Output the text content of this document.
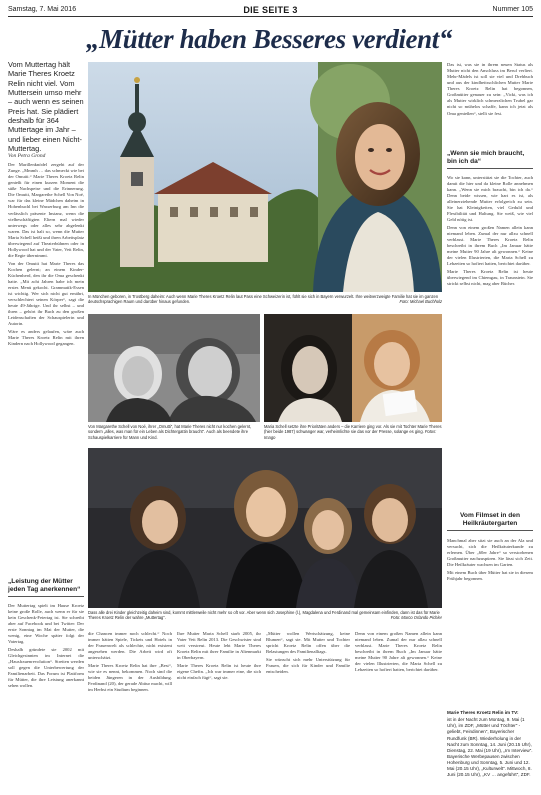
Samstag, 7. Mai 2016	DIE SEITE 3	Nummer 105
„Mütter haben Besseres verdient“
Vom Muttertag hält Marie Theres Kroetz Relin nicht viel. Vom Muttersein umso mehr – auch wenn es seinen Preis hat. Sie plädiert deshalb für 364 Muttertage im Jahr – und lieber einen Nicht-Muttertag.
Von Petra Grond

Der Marillenknödel zergeht auf der Zunge. „Mmmh … das schmeckt wie bei der Omutti.“ Marie Theres Kroetz Relin genießt für einen kurzen Moment die süße Nachspeise und die Erinnerung. Die Omutti, Margarethe Schell Von Noé, war für das kleine Mädchen daheim in Hohenbuchl bei Wasserburg am Inn die verlässlich präsente Instanz, wenn die vielbeschäftigten Eltern mal wieder unterwegs oder alles sehr abgelenkt waren. Das ist halt so, wenn die Mutter Maria Schell heißt und ihren Arbeitsplatz überwiegend auf Theaterbühnen oder in Hollywood hat und der Vater, Veit Relin, die Regie übernimmt.

Von der Omutti hat Marie Theres das Kochen gelernt; an einem Kinder-Küchenherd, den ihr die Oma geschenkt hatte. „Mit acht Jahren habe ich mein erstes Menü gekocht. Grammatik-Essen ist wichtig. Wer sich nicht gut ernährt, verschlechtert seinen Körper“, sagt die heute 49-Jährige. Und ihr selbst – und ihren – gehört ihr Buch zu den großen Leidenschaften der Schauspielerin und Autorin.

Wäre es anders gelaufen, wäre auch Marie Theres Kroetz Relin mit ihren Kindern nach Hollywood gegangen.

„Leistung der Mütter jeden Tag anerkennen“

Der Muttertag spielt im Hause Kroetz keine große Rolle, auch wenn er für sie kein Geschenk-Feiertag ist. Sie schreibt aber auf Facebook und bei Twitter: Der erste Sonntag im Mai der Mutter, die wenig, eine Woche später folgt der Vatertag.

Deshalb gründete sie 2002 mit Gleichgesinnten im Internet die „Hausfrauenrevolution“. Streiten werden soll gegen die Unterbewertung der Familienarbeit. Das Forum ist Plattform für Mütter, die ihre Leistung anerkannt sehen wollen.

In München geboren, in Trostberg daheim: Auch wenn Marie Theres Kroetz Relin laut Pass eine Schweizerin ist, fühlt sie sich in Bayern verwurzelt. Ihre weitverzweigte Familie hat sie im ganzen deutschsprachigen Raum und darüber hinaus gefunden.	Foto: Michael Buchholz

Das ist, was sie in ihrem neuen Status als Mutter nicht den Anschluss im Beruf verliert. Mehr-Mädels ist soll sie viel und Drehbuch und aus der kindheitsschlichen Mutter Marie Theres Kroetz Relin hat begonnen, Großmütter genauer zu sein: „Vicki, was ich als Mutter wirklich schmerzlichen Trubel gar nicht so mühelos schaffe, kann ich jetzt als Oma genießen“, stellt sie fest.

„Wenn sie mich braucht, bin ich da“

Wo sie kann, unterstützt sie die Tochter, auch damit die hier und da kleine Rolle annehmen kann. „Wenn sie mich braucht, bin ich da.“ Denn beide wissen, wie hart es ist, als alleinerziehende Mutter erfolgreich zu sein. Sie hat Kleinigkeiten, viel Geduld und Flexibilität und Haltung. Sie weiß, wie viel Geld nötig ist.

Denn von einem großen Namen allein kann niemand leben. Zumal der nur allzu schnell verblasst. Marie Theres Kroetz Relin beschreibt in ihrem Buch „Im Januar hätte meine Mutter 90 Jahre alt gewonnen.“ Keine der vielen Illustrierten, die Maria Schell zu Lebzeiten so hofiert hatten, berichtet darüber.

Marie Theres Kroetz Relin ist heute überwiegend im Chiemgau, in Traunstein. Sie strickt selbst nicht, mag aber Bücher.

Vom Filmset in den Heilkräutergarten

Manchmal aber sitzt sie auch an der Ala und versucht, sich die Heilkräuterkunde zu erlernen. Über „60er Jahre“ so verstorbenen Großmutter nachzuspüren. Sie lässt sich Zeit. Die Heilkräuter wachsen im Garten.

Mit einem Buch über Mütter hat sie in diesem Frühjahr begonnen.

Marie Theres Kroetz Relin im TV:
ist in der Nacht zum Montag, 9. Mai (1 Uhr), im ZDF, „Mütter und Töchter“ - geliebt, Feindinnen“, Bayerischer Rundfunk (BR). Wiederholung in der Nacht zum Sonntag, 14. Juni (20.15 Uhr), Dienstag, 22. Mai (19 Uhr), „Im Interview“. Bayerische Werbepausen zwischen Hohenburg und Sonntag, 5. Juni und 12. Mai (20.15 Uhr), „Kulturwelt“. Mittwoch, 8. Juni (20.15 Uhr), „KV … angeführt“, ZDF.
Von Margarethe Schell von Noé, ihrer „Omutti“, hat Marie Theres nicht nur kochen gelernt, sondern „alles, was man für ein Leben als Dichtergattin braucht“. Auch als beendete ihre Schauspielkarriere für Mann und Kind.
Maria Schell setzte ihre Prioritäten anders – die Karriere ging vor. Als sie mit Tochter Marie Theres (hier beide 1987) schwanger war, verheimlichte sie das vor der Presse, solange es ging. Fotos: Imago
Dass alle drei Kinder gleichzeitig daheim sind, kommt mittlerweile nicht mehr so oft vor. Aber wenn sich Josephine (l.), Magdalena und Ferdinand mal gemeinsam einfinden, dann ist das für Marie Theres Kroetz Relin der wahre „Muttertag“.	Foto: Marco Orlando Pichler

die Chancen immer noch schlecht.“ Noch immer hätten Spiele, Tickets und Hotels in der Frauenwelt als schlechte, nicht existent angesehen werden. Die Arbeit wird oft unterschätzt.

Marie Theres Kroetz Relin hat ihre „Best“, wie sie es nennt, bekommen. Noch sind die beiden Jüngeren in der Ausbildung. Ferdinand (20), der gerade Abitur macht, will im Herbst ein Studium beginnen.

Ihre Mutter Maria Schell starb 2005, ihr Vater Veit Relin 2013. Die Geschwister sind weit verstreut. Heute lebt Marie Theres Kroetz Relin mit ihrer Familie in Altenmarkt in Oberbayern.

Marie Theres Kroetz Relin ist heute ihre eigene Chefin. „Ich war immer eine, die sich nicht einfach fügt“, sagt sie.

„Mütter wollen Wertschätzung, keine Blumen“, sagt sie. Mit Mutter und Tochter spricht Kroetz Relin offen über die Belastungen des Familienalltags.

Sie wünscht sich mehr Unterstützung für Frauen, die sich für Kinder und Familie entscheiden.

Denn von einem großen Namen allein kann niemand leben. Zumal der nur allzu schnell verblasst. Marie Theres Kroetz Relin beschreibt in ihrem Buch „Im Januar hätte meine Mutter 90 Jahre alt gewonnen.“ Keine der vielen Illustrierten, die Maria Schell zu Lebzeiten so hofiert hatten, berichtet darüber.
